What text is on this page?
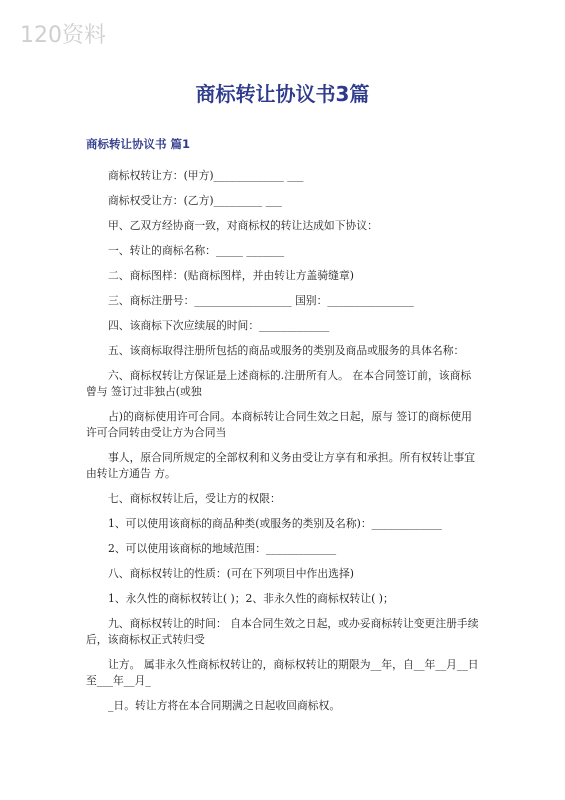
120资料
商标转让协议书3篇
商标转让协议书 篇1

商标权转让方：(甲方)_____________ ___

商标权受让方：(乙方)_________ ___

甲、乙双方经协商一致，对商标权的转让达成如下协议：

一、转让的商标名称：_____ _______

二、商标图样：(贴商标图样，并由转让方盖骑缝章)

三、商标注册号：__________________ 国别：________________

四、该商标下次应续展的时间：_____________

五、该商标取得注册所包括的商品或服务的类别及商品或服务的具体名称：

六、商标权转让方保证是上述商标的.注册所有人。 在本合同签订前，该商标曾与 签订过非独占(或独

占)的商标使用许可合同。本商标转让合同生效之日起，原与 签订的商标使用许可合同转由受让方为合同当

事人，原合同所规定的全部权利和义务由受让方享有和承担。所有权转让事宜由转让方通告 方。

七、商标权转让后，受让方的权限：

1、可以使用该商标的商品种类(或服务的类别及名称)：_____________

2、可以使用该商标的地域范围：_____________

八、商标权转让的性质：(可在下列项目中作出选择)

1、永久性的商标权转让( )；2、非永久性的商标权转让( )；

九、商标权转让的时间： 自本合同生效之日起，或办妥商标转让变更注册手续后，该商标权正式转归受

让方。 属非永久性商标权转让的，商标权转让的期限为__年，自__年__月__日至___年__月_

_日。转让方将在本合同期满之日起收回商标权。
